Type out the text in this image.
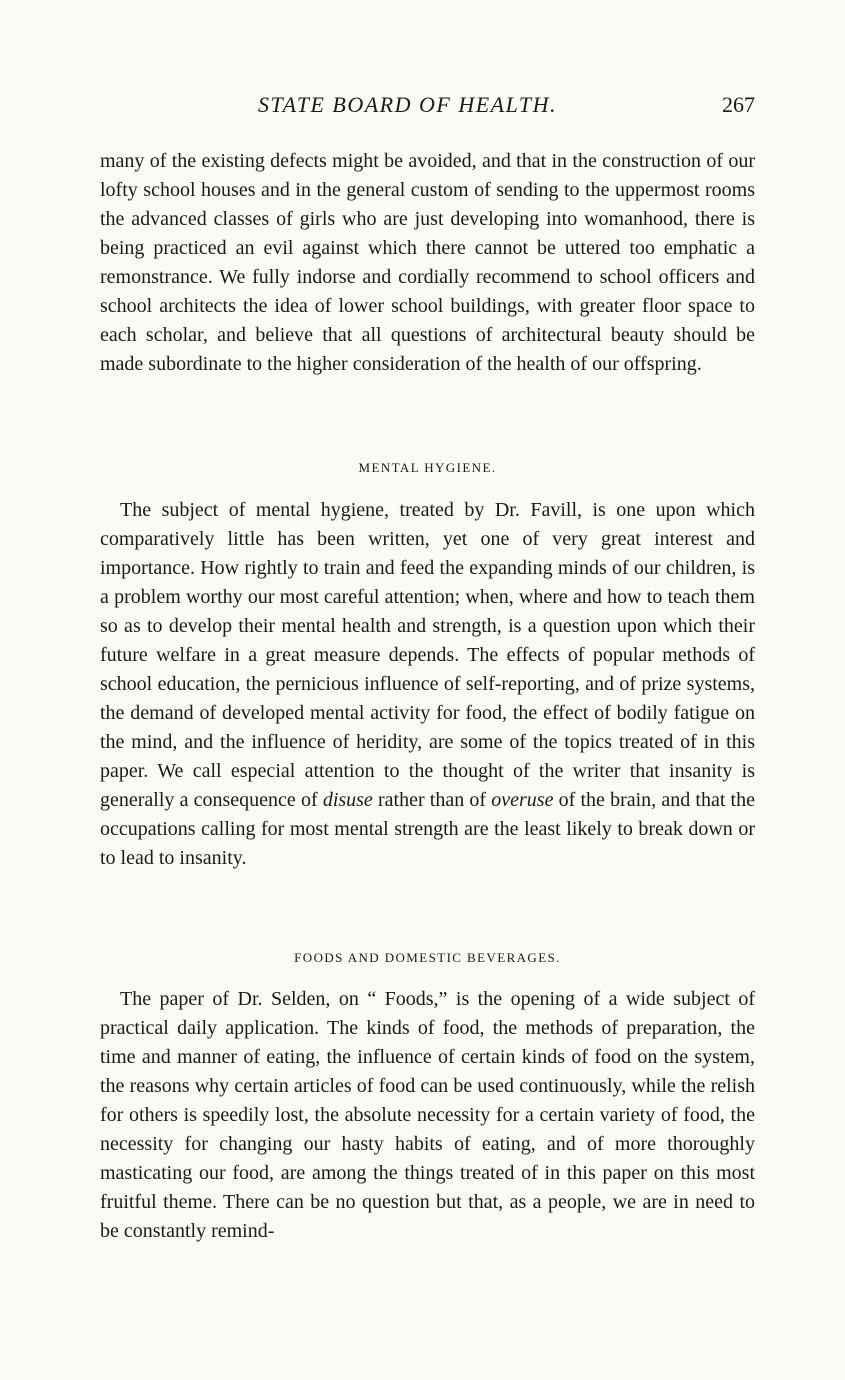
STATE BOARD OF HEALTH.	267

many of the existing defects might be avoided, and that in the construction of our lofty school houses and in the general custom of sending to the uppermost rooms the advanced classes of girls who are just developing into womanhood, there is being practiced an evil against which there cannot be uttered too emphatic a remonstrance. We fully indorse and cordially recommend to school officers and school architects the idea of lower school buildings, with greater floor space to each scholar, and believe that all questions of architectural beauty should be made subordinate to the higher consideration of the health of our offspring.

MENTAL HYGIENE.

The subject of mental hygiene, treated by Dr. Favill, is one upon which comparatively little has been written, yet one of very great interest and importance. How rightly to train and feed the expanding minds of our children, is a problem worthy our most careful attention; when, where and how to teach them so as to develop their mental health and strength, is a question upon which their future welfare in a great measure depends. The effects of popular methods of school education, the pernicious influence of self-reporting, and of prize systems, the demand of developed mental activity for food, the effect of bodily fatigue on the mind, and the influence of heridity, are some of the topics treated of in this paper. We call especial attention to the thought of the writer that insanity is generally a consequence of disuse rather than of overuse of the brain, and that the occupations calling for most mental strength are the least likely to break down or to lead to insanity.

FOODS AND DOMESTIC BEVERAGES.

The paper of Dr. Selden, on “ Foods,” is the opening of a wide subject of practical daily application. The kinds of food, the methods of preparation, the time and manner of eating, the influence of certain kinds of food on the system, the reasons why certain articles of food can be used continuously, while the relish for others is speedily lost, the absolute necessity for a certain variety of food, the necessity for changing our hasty habits of eating, and of more thoroughly masticating our food, are among the things treated of in this paper on this most fruitful theme. There can be no question but that, as a people, we are in need to be constantly remind-
